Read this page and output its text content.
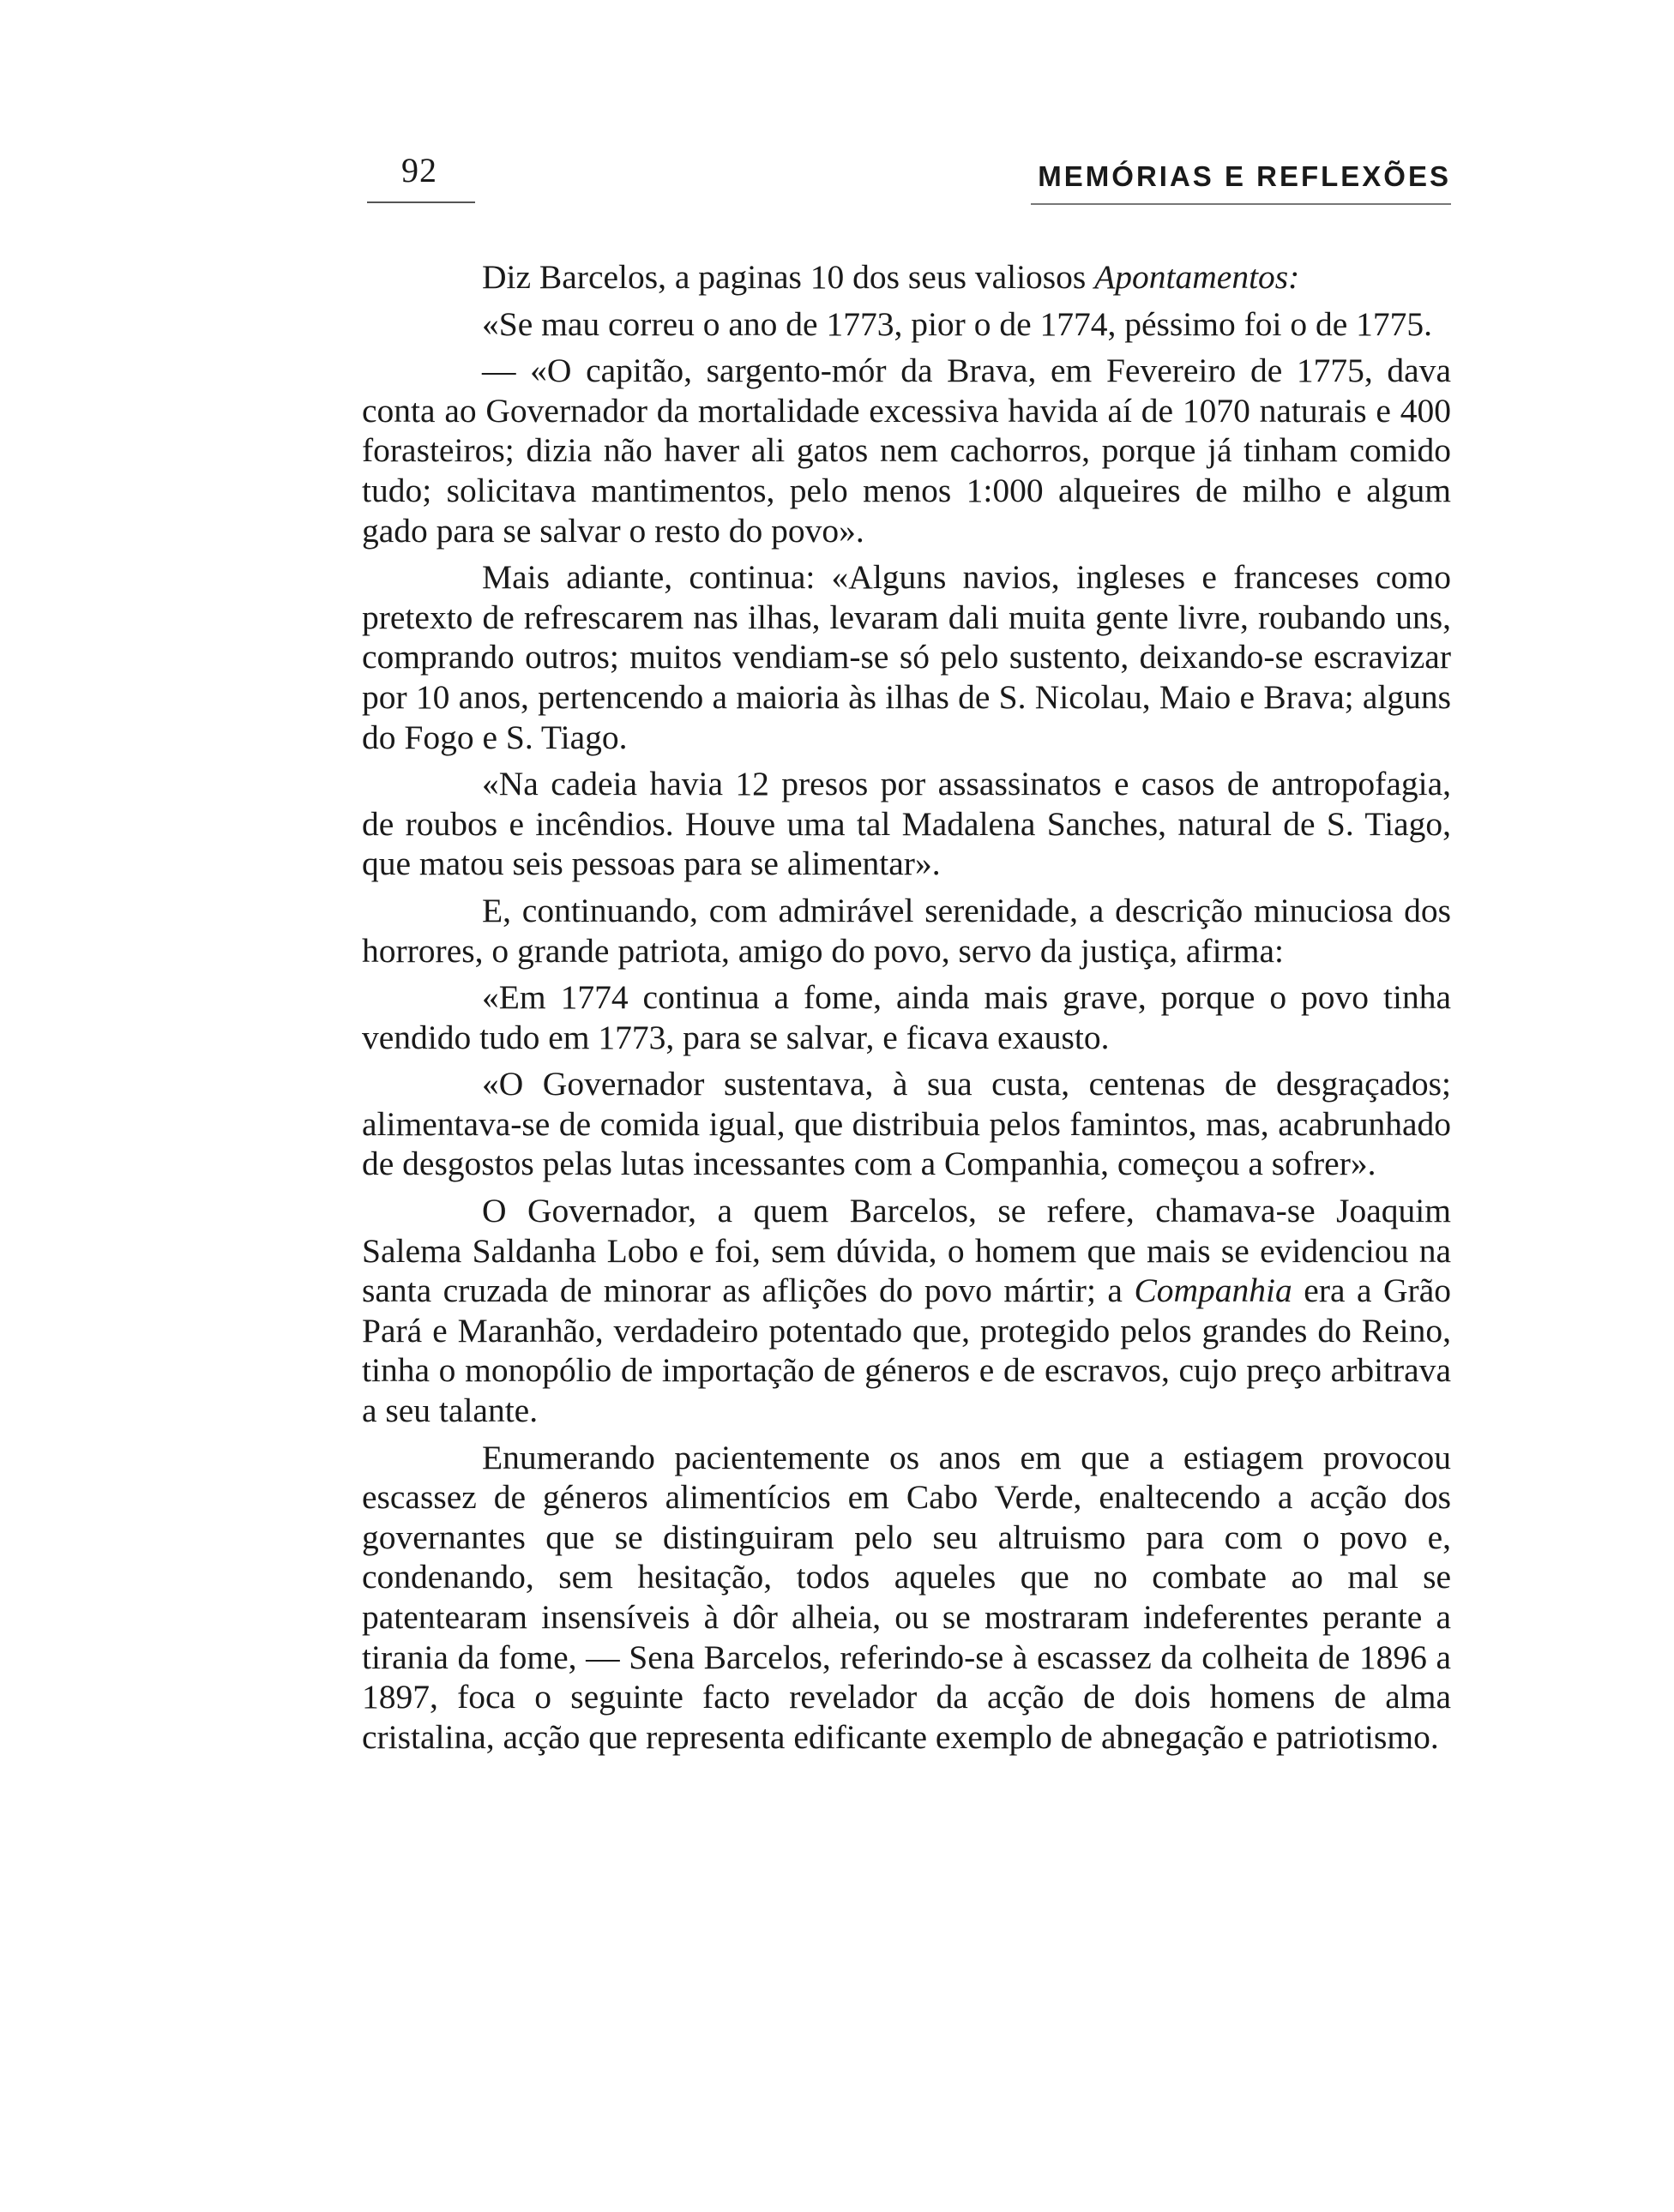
92	MEMÓRIAS E REFLEXÕES

Diz Barcelos, a paginas 10 dos seus valiosos Apontamentos:

«Se mau correu o ano de 1773, pior o de 1774, péssimo foi o de 1775.

— «O capitão, sargento-mór da Brava, em Fevereiro de 1775, dava conta ao Governador da mortalidade excessiva havida aí de 1070 naturais e 400 forasteiros; dizia não haver ali gatos nem cachorros, porque já tinham comido tudo; solicitava mantimentos, pelo menos 1:000 alqueires de milho e algum gado para se salvar o resto do povo».

Mais adiante, continua: «Alguns navios, ingleses e franceses como pretexto de refrescarem nas ilhas, levaram dali muita gente livre, roubando uns, comprando outros; muitos vendiam-se só pelo sustento, deixando-se escravizar por 10 anos, pertencendo a maioria às ilhas de S. Nicolau, Maio e Brava; alguns do Fogo e S. Tiago.

«Na cadeia havia 12 presos por assassinatos e casos de antropofagia, de roubos e incêndios. Houve uma tal Madalena Sanches, natural de S. Tiago, que matou seis pessoas para se alimentar».

E, continuando, com admirável serenidade, a descrição minuciosa dos horrores, o grande patriota, amigo do povo, servo da justiça, afirma:

«Em 1774 continua a fome, ainda mais grave, porque o povo tinha vendido tudo em 1773, para se salvar, e ficava exausto.

«O Governador sustentava, à sua custa, centenas de desgraçados; alimentava-se de comida igual, que distribuia pelos famintos, mas, acabrunhado de desgostos pelas lutas incessantes com a Companhia, começou a sofrer».

O Governador, a quem Barcelos, se refere, chamava-se Joaquim Salema Saldanha Lobo e foi, sem dúvida, o homem que mais se evidenciou na santa cruzada de minorar as aflições do povo mártir; a Companhia era a Grão Pará e Maranhão, verdadeiro potentado que, protegido pelos grandes do Reino, tinha o monopólio de importação de géneros e de escravos, cujo preço arbitrava a seu talante.

Enumerando pacientemente os anos em que a estiagem provocou escassez de géneros alimentícios em Cabo Verde, enaltecendo a acção dos governantes que se distinguiram pelo seu altruismo para com o povo e, condenando, sem hesitação, todos aqueles que no combate ao mal se patentearam insensíveis à dôr alheia, ou se mostraram indeferentes perante a tirania da fome, — Sena Barcelos, referindo-se à escassez da colheita de 1896 a 1897, foca o seguinte facto revelador da acção de dois homens de alma cristalina, acção que representa edificante exemplo de abnegação e patriotismo.
